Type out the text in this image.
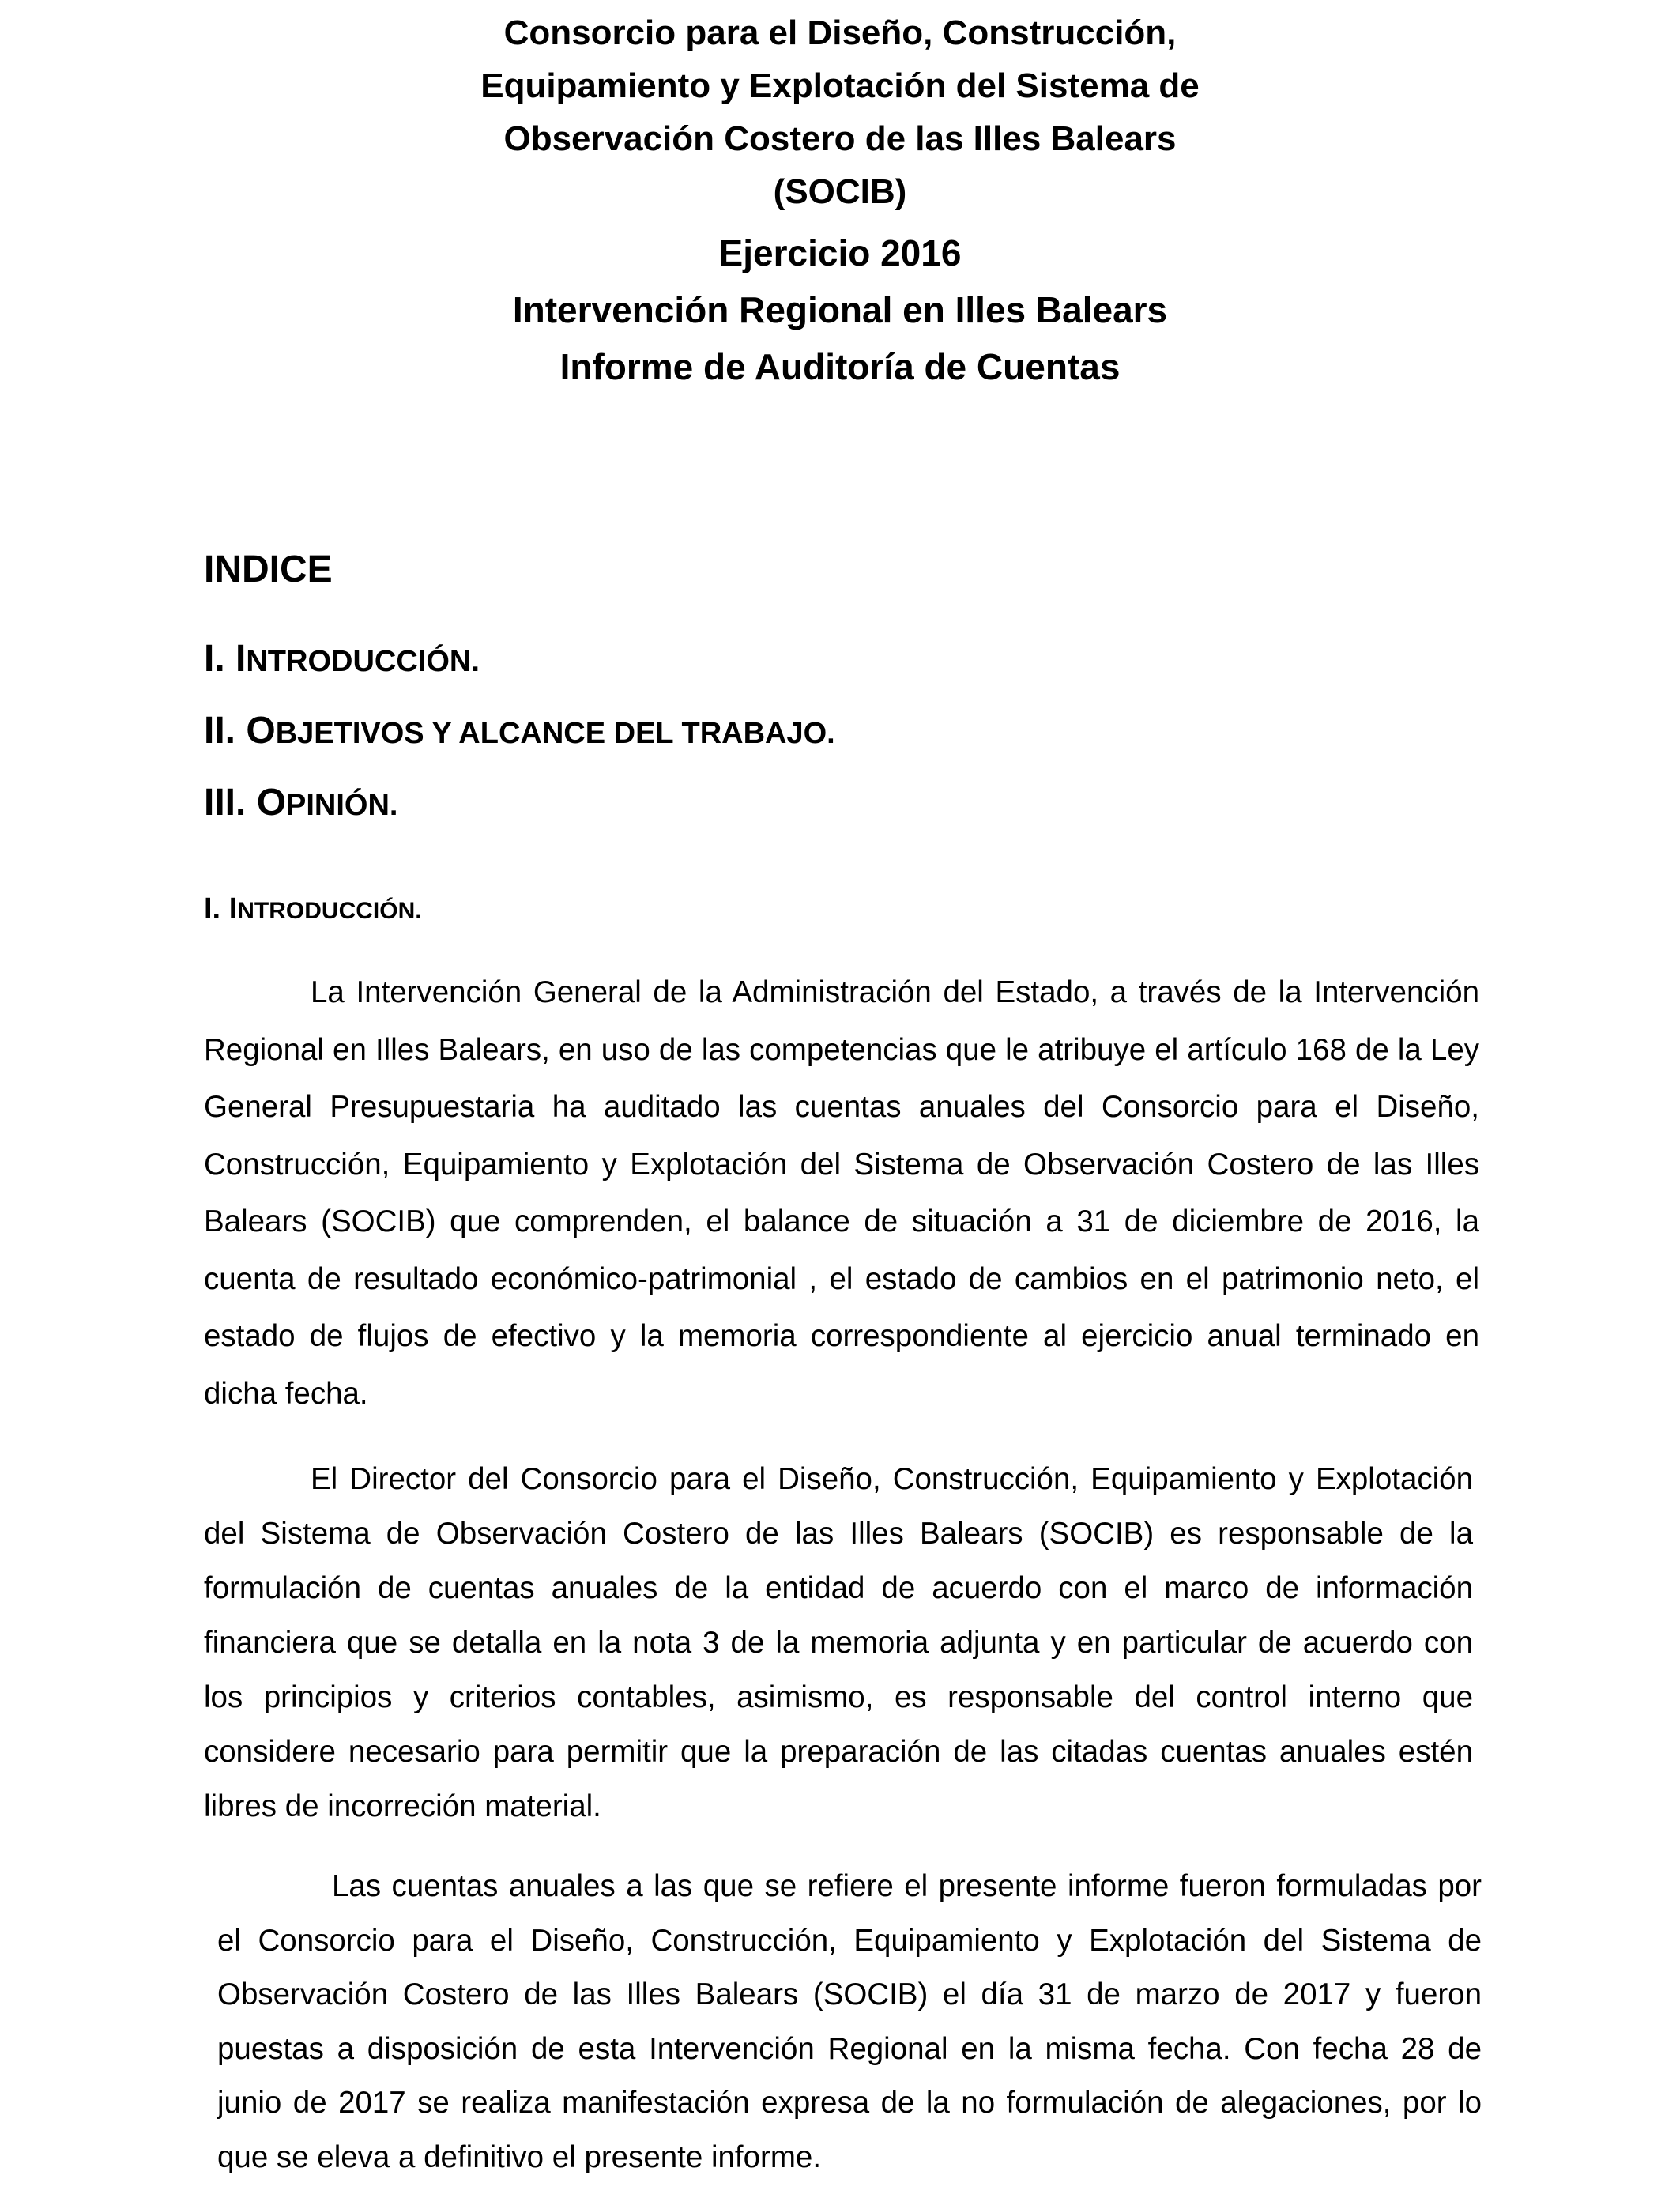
Consorcio para el Diseño, Construcción,

Equipamiento y Explotación del Sistema de

Observación Costero de las Illes Balears

(SOCIB)

Ejercicio 2016

Intervención Regional en Illes Balears

Informe de Auditoría de Cuentas

INDICE

I. INTRODUCCIÓN.
II. OBJETIVOS Y ALCANCE DEL TRABAJO.
III. OPINIÓN.

I. INTRODUCCIÓN.

La Intervención General de la Administración del Estado, a través de la Intervención Regional en Illes Balears, en uso de las competencias que le atribuye el artículo 168 de la Ley General Presupuestaria ha auditado las cuentas anuales del Consorcio para el Diseño, Construcción, Equipamiento y Explotación del Sistema de Observación Costero de las Illes Balears (SOCIB) que comprenden, el balance de situación a 31 de diciembre de 2016, la cuenta de resultado económico-patrimonial , el estado de cambios en el patrimonio neto, el estado de flujos de efectivo y la memoria correspondiente al ejercicio anual terminado en dicha fecha.

El Director del Consorcio para el Diseño, Construcción, Equipamiento y Explotación del Sistema de Observación Costero de las Illes Balears (SOCIB) es responsable de la formulación de cuentas anuales de la entidad de acuerdo con el marco de información financiera que se detalla en la nota 3 de la memoria adjunta y en particular de acuerdo con los principios y criterios contables, asimismo, es responsable del control interno que considere necesario para permitir que la preparación de las citadas cuentas anuales estén libres de incorreción material.

Las cuentas anuales a las que se refiere el presente informe fueron formuladas por el Consorcio para el Diseño, Construcción, Equipamiento y Explotación del Sistema de Observación Costero de las Illes Balears (SOCIB) el día 31 de marzo de 2017 y fueron puestas a disposición de esta Intervención Regional en la misma fecha. Con fecha 28 de junio de 2017 se realiza manifestación expresa de la no formulación de alegaciones, por lo que se eleva a definitivo el presente informe.
